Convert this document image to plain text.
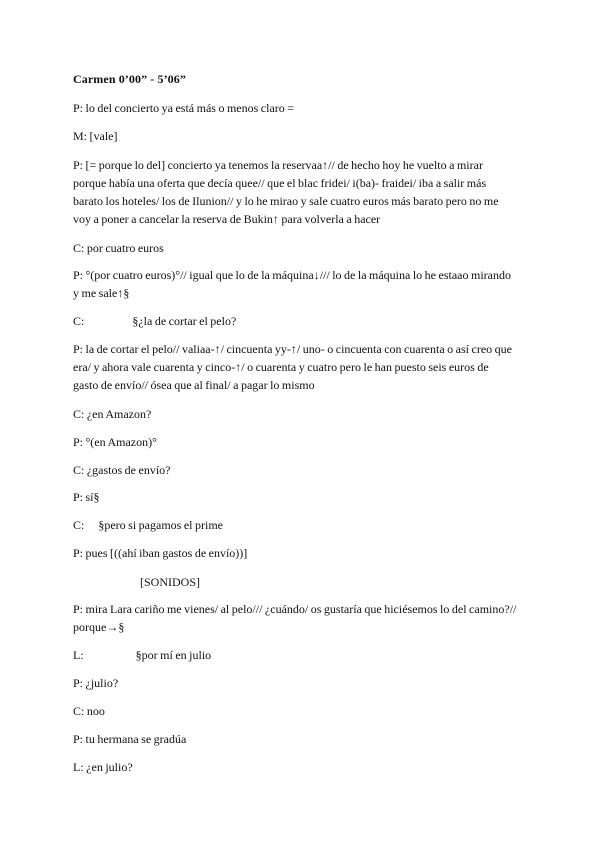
Carmen 0’00” - 5’06”
P: lo del concierto ya está más o menos claro =
M: [vale]
P: [= porque lo del] concierto ya tenemos la reservaa↑// de hecho hoy he vuelto a mirar
porque había una oferta que decía quee// que el blac fridei/ i(ba)- fraidei/ iba a salir más
barato los hoteles/ los de Ilunion// y lo he mirao y sale cuatro euros más barato pero no me
voy a poner a cancelar la reserva de Bukin↑ para volverla a hacer
C: por cuatro euros
P: °(por cuatro euros)°// igual que lo de la máquina↓/// lo de la máquina lo he estaao mirando
y me sale↑§
C:	§¿la de cortar el pelo?
P: la de cortar el pelo// valiaa-↑/ cincuenta yy-↑/ uno- o cincuenta con cuarenta o así creo que
era/ y ahora vale cuarenta y cinco-↑/ o cuarenta y cuatro pero le han puesto seis euros de
gasto de envío// ósea que al final/ a pagar lo mismo
C: ¿en Amazon?
P: °(en Amazon)°
C: ¿gastos de envío?
P: sí§
C: §pero si pagamos el prime
P: pues [((ahí iban gastos de envío))]
[SONIDOS]
P: mira Lara cariño me vienes/ al pelo/// ¿cuándo/ os gustaría que hiciésemos lo del camino?//
porque→§
L:	§por mí en julio
P: ¿julio?
C: noo
P: tu hermana se gradúa
L: ¿en julio?
